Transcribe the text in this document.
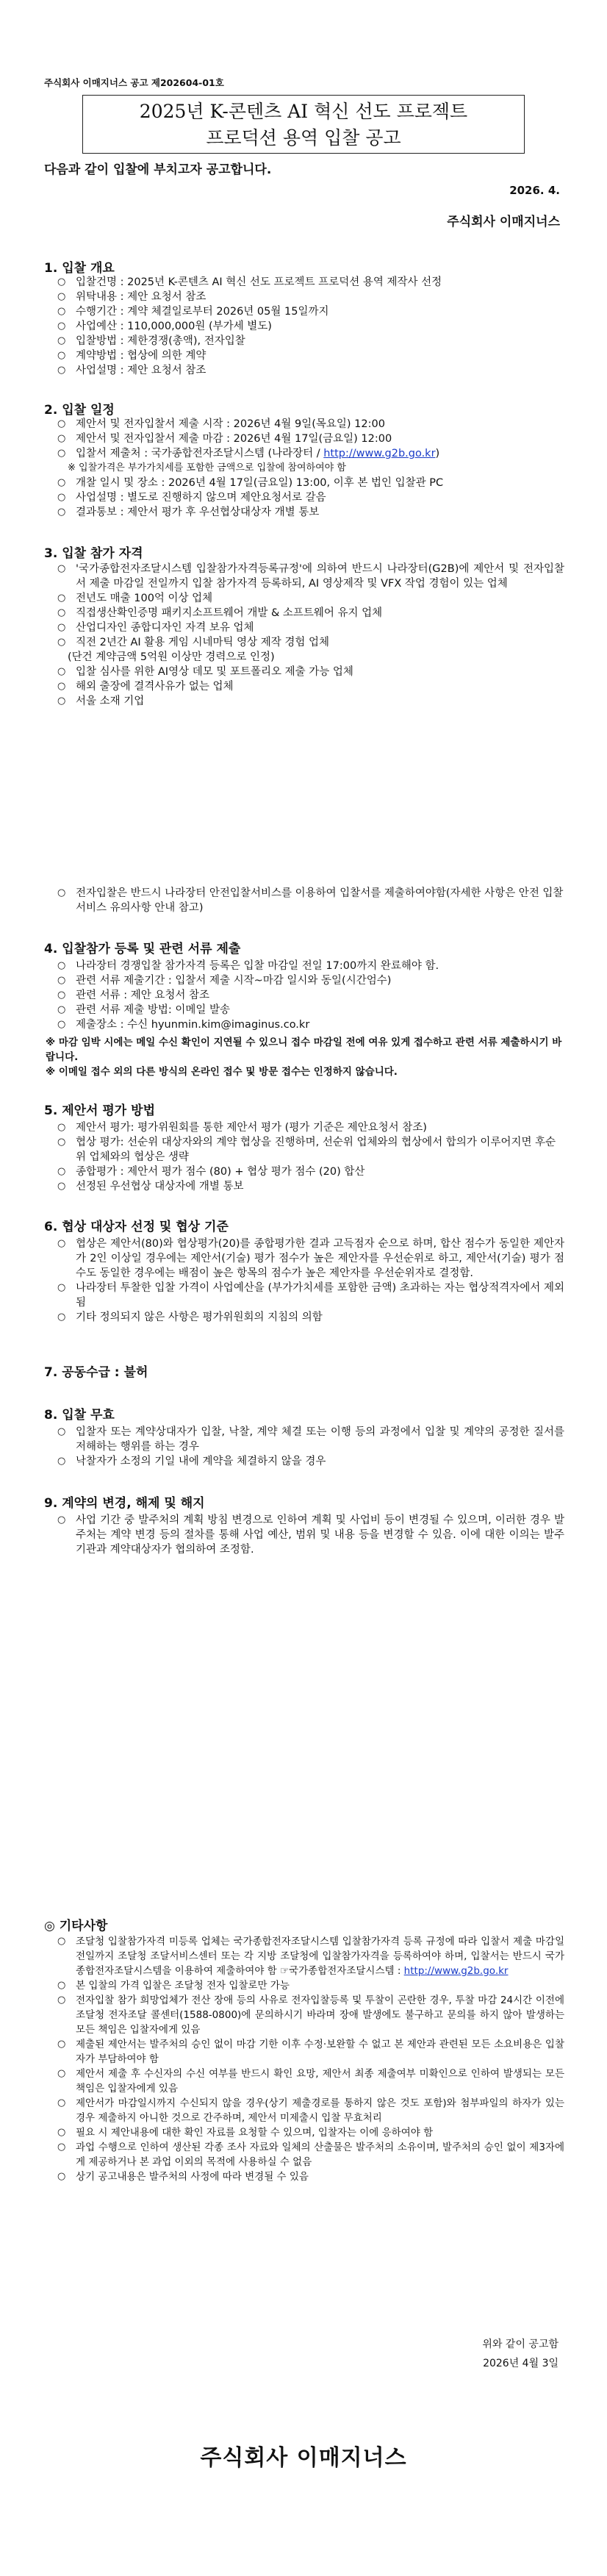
주식회사 이매지너스 공고 제202604-01호
2025년 K-콘텐츠 AI 혁신 선도 프로젝트
프로덕션 용역 입찰 공고
다음과 같이 입찰에 부치고자 공고합니다.
2026. 4.
주식회사 이매지너스
1. 입찰 개요
○ 입찰건명 : 2025년 K-콘텐츠 AI 혁신 선도 프로젝트 프로덕션 용역 제작사 선정
○ 위탁내용 : 제안 요청서 참조
○ 수행기간 : 계약 체결일로부터 2026년 05월 15일까지
○ 사업예산 : 110,000,000원 (부가세 별도)
○ 입찰방법 : 제한경쟁(총액), 전자입찰
○ 계약방법 : 협상에 의한 계약
○ 사업설명 : 제안 요청서 참조
2. 입찰 일정
○ 제안서 및 전자입찰서 제출 시작 : 2026년 4월 9일(목요일) 12:00
○ 제안서 및 전자입찰서 제출 마감 : 2026년 4월 17일(금요일) 12:00
○ 입찰서 제출처 : 국가종합전자조달시스템 (나라장터 / http://www.g2b.go.kr)
※ 입찰가격은 부가가치세를 포함한 금액으로 입찰에 참여하여야 함
○ 개찰 일시 및 장소 : 2026년 4월 17일(금요일) 13:00, 이후 본 법인 입찰관 PC
○ 사업설명 : 별도로 진행하지 않으며 제안요청서로 갈음
○ 결과통보 : 제안서 평가 후 우선협상대상자 개별 통보
3. 입찰 참가 자격
○ '국가종합전자조달시스템 입찰참가자격등록규정'에 의하여 반드시 나라장터(G2B)에 제안서 및 전자입찰서 제출 마감일 전일까지 입찰 참가자격 등록하되, AI 영상제작 및 VFX 작업 경험이 있는 업체
○ 전년도 매출 100억 이상 업체
○ 직접생산확인증명 패키지소프트웨어 개발 & 소프트웨어 유지 업체
○ 산업디자인 종합디자인 자격 보유 업체
○ 직전 2년간 AI 활용 게임 시네마틱 영상 제작 경험 업체
(단건 계약금액 5억원 이상만 경력으로 인정)
○ 입찰 심사를 위한 AI영상 데모 및 포트폴리오 제출 가능 업체
○ 해외 출장에 결격사유가 없는 업체
○ 서울 소재 기업
○ 전자입찰은 반드시 나라장터 안전입찰서비스를 이용하여 입찰서를 제출하여야함(자세한 사항은 안전 입찰서비스 유의사항 안내 참고)
4. 입찰참가 등록 및 관련 서류 제출
○ 나라장터 경쟁입찰 참가자격 등록은 입찰 마감일 전일 17:00까지 완료해야 함.
○ 관련 서류 제출기간 : 입찰서 제출 시작~마감 일시와 동일(시간엄수)
○ 관련 서류 : 제안 요청서 참조
○ 관련 서류 제출 방법: 이메일 발송
○ 제출장소 : 수신 hyunmin.kim@imaginus.co.kr
※ 마감 임박 시에는 메일 수신 확인이 지연될 수 있으니 접수 마감일 전에 여유 있게 접수하고 관련 서류 제출하시기 바랍니다.
※ 이메일 접수 외의 다른 방식의 온라인 접수 및 방문 접수는 인정하지 않습니다.
5. 제안서 평가 방법
○ 제안서 평가: 평가위원회를 통한 제안서 평가 (평가 기준은 제안요청서 참조)
○ 협상 평가: 선순위 대상자와의 계약 협상을 진행하며, 선순위 업체와의 협상에서 합의가 이루어지면 후순위 업체와의 협상은 생략
○ 종합평가 : 제안서 평가 점수 (80) + 협상 평가 점수 (20) 합산
○ 선정된 우선협상 대상자에 개별 통보
6. 협상 대상자 선정 및 협상 기준
○ 협상은 제안서(80)와 협상평가(20)를 종합평가한 결과 고득점자 순으로 하며, 합산 점수가 동일한 제안자가 2인 이상일 경우에는 제안서(기술) 평가 점수가 높은 제안자를 우선순위로 하고, 제안서(기술) 평가 점수도 동일한 경우에는 배점이 높은 항목의 점수가 높은 제안자를 우선순위자로 결정함.
○ 나라장터 투찰한 입찰 가격이 사업예산을 (부가가치세를 포함한 금액) 초과하는 자는 협상적격자에서 제외됨
○ 기타 정의되지 않은 사항은 평가위원회의 지침의 의함
7. 공동수급 : 불허
8. 입찰 무효
○ 입찰자 또는 계약상대자가 입찰, 낙찰, 계약 체결 또는 이행 등의 과정에서 입찰 및 계약의 공정한 질서를 저해하는 행위를 하는 경우
○ 낙찰자가 소정의 기일 내에 계약을 체결하지 않을 경우
9. 계약의 변경, 해제 및 해지
○ 사업 기간 중 발주처의 계획 방침 변경으로 인하여 계획 및 사업비 등이 변경될 수 있으며, 이러한 경우 발주처는 계약 변경 등의 절차를 통해 사업 예산, 범위 및 내용 등을 변경할 수 있음. 이에 대한 이의는 발주기관과 계약대상자가 협의하여 조정함.
◎ 기타사항
○ 조달청 입찰참가자격 미등록 업체는 국가종합전자조달시스템 입찰참가자격 등록 규정에 따라 입찰서 제출 마감일 전일까지 조달청 조달서비스센터 또는 각 지방 조달청에 입찰참가자격을 등록하여야 하며, 입찰서는 반드시 국가종합전자조달시스템을 이용하여 제출하여야 함 ☞국가종합전자조달시스템 : http://www.g2b.go.kr
○ 본 입찰의 가격 입찰은 조달청 전자 입찰로만 가능
○ 전자입찰 참가 희망업체가 전산 장애 등의 사유로 전자입찰등록 및 투찰이 곤란한 경우, 투찰 마감 24시간 이전에 조달청 전자조달 콜센터(1588-0800)에 문의하시기 바라며 장애 발생에도 불구하고 문의를 하지 않아 발생하는 모든 책임은 입찰자에게 있음
○ 제출된 제안서는 발주처의 승인 없이 마감 기한 이후 수정·보완할 수 없고 본 제안과 관련된 모든 소요비용은 입찰자가 부담하여야 함
○ 제안서 제출 후 수신자의 수신 여부를 반드시 확인 요망, 제안서 최종 제출여부 미확인으로 인하여 발생되는 모든 책임은 입찰자에게 있음
○ 제안서가 마감일시까지 수신되지 않을 경우(상기 제출경로를 통하지 않은 것도 포함)와 첨부파일의 하자가 있는 경우 제출하지 아니한 것으로 간주하며, 제안서 미제출시 입찰 무효처리
○ 필요 시 제안내용에 대한 확인 자료를 요청할 수 있으며, 입찰자는 이에 응하여야 함
○ 과업 수행으로 인하여 생산된 각종 조사 자료와 일체의 산출물은 발주처의 소유이며, 발주처의 승인 없이 제3자에게 제공하거나 본 과업 이외의 목적에 사용하실 수 없음
○ 상기 공고내용은 발주처의 사정에 따라 변경될 수 있음
위와 같이 공고함
2026년 4월 3일
주식회사 이매지너스
